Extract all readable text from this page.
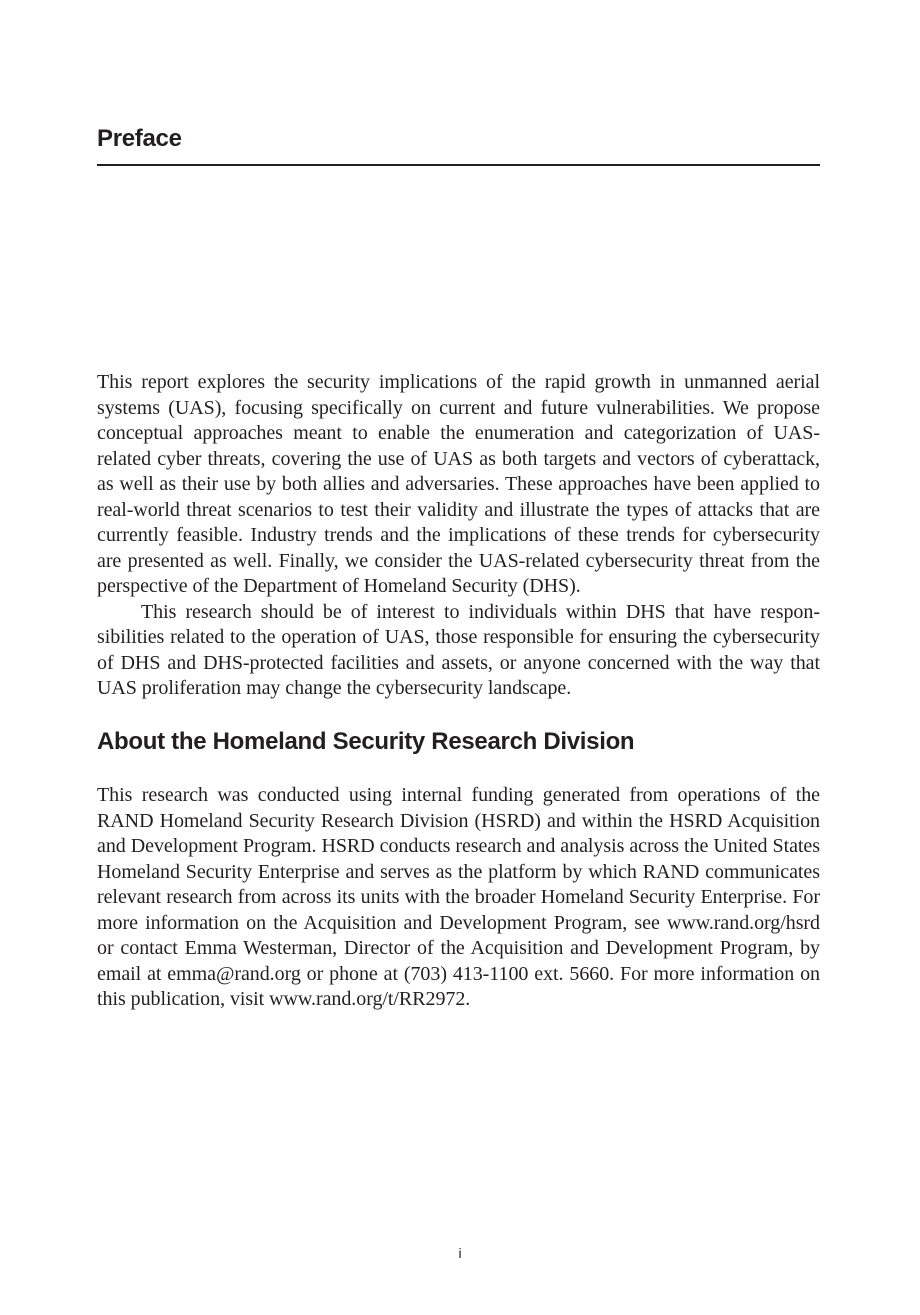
Preface

This report explores the security implications of the rapid growth in unmanned aerial systems (UAS), focusing specifically on current and future vulnerabilities. We propose conceptual approaches meant to enable the enumeration and categorization of UAS-related cyber threats, covering the use of UAS as both targets and vectors of cyberattack, as well as their use by both allies and adversaries. These approaches have been applied to real-world threat scenarios to test their validity and illustrate the types of attacks that are currently feasible. Industry trends and the implications of these trends for cybersecurity are presented as well. Finally, we consider the UAS-related cybersecurity threat from the perspective of the Department of Homeland Security (DHS).

This research should be of interest to individuals within DHS that have responsibilities related to the operation of UAS, those responsible for ensuring the cybersecurity of DHS and DHS-protected facilities and assets, or anyone concerned with the way that UAS proliferation may change the cybersecurity landscape.

About the Homeland Security Research Division

This research was conducted using internal funding generated from operations of the RAND Homeland Security Research Division (HSRD) and within the HSRD Acquisition and Development Program. HSRD conducts research and analysis across the United States Homeland Security Enterprise and serves as the platform by which RAND communicates relevant research from across its units with the broader Homeland Security Enterprise. For more information on the Acquisition and Development Program, see www.rand.org/hsrd or contact Emma Westerman, Director of the Acquisition and Development Program, by email at emma@rand.org or phone at (703) 413-1100 ext. 5660. For more information on this publication, visit www.rand.org/t/​RR2972.

i
